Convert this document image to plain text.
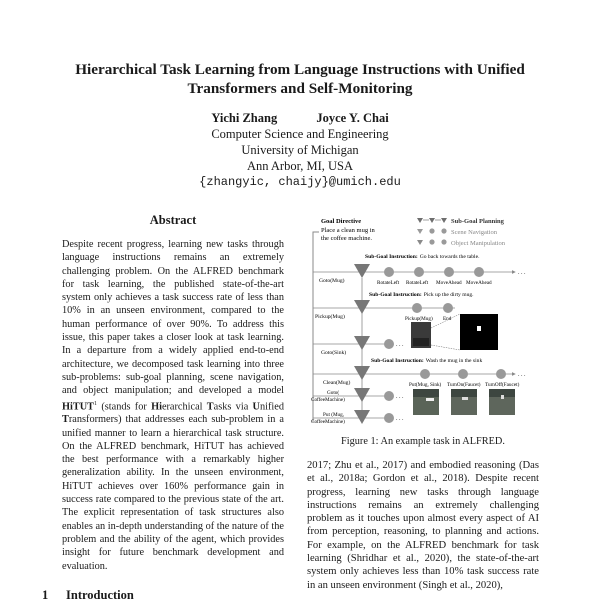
Hierarchical Task Learning from Language Instructions with Unified
Transformers and Self-Monitoring
Yichi Zhang	Joyce Y. Chai
Computer Science and Engineering
University of Michigan
Ann Arbor, MI, USA
{zhangyic, chaijy}@umich.edu
Abstract
Despite recent progress, learning new tasks through language instructions remains an extremely challenging problem. On the ALFRED benchmark for task learning, the published state-of-the-art system only achieves a task success rate of less than 10% in an unseen environment, compared to the human performance of over 90%. To address this issue, this paper takes a closer look at task learning. In a departure from a widely applied end-to-end architecture, we decomposed task learning into three sub-problems: sub-goal planning, scene navigation, and object manipulation; and developed a model HiTUT$^1$ (stands for Hierarchical Tasks via Unified Transformers) that addresses each sub-problem in a unified manner to learn a hierarchical task structure. On the ALFRED benchmark, HiTUT has achieved the best performance with a remarkably higher generalization ability. In the unseen environment, HiTUT achieves over 160% performance gain in success rate compared to the previous state of the art. The explicit representation of task structures also enables an in-depth understanding of the nature of the problem and the ability of the agent, which provides insight for future benchmark development and evaluation.
1 Introduction
Goal Directive
Place a clean mug in
the coffee machine.
Sub-Goal Planning
Scene Navigation
Object Manipulation
Sub-Goal Instruction: Go back towards the table.
Goto(Mug)
. . .
RotateLeft RotateLeft MoveAhead MoveAhead
Sub-Goal Instruction: Pick up the dirty mug.
Pickup(Mug)	Pickup(Mug) End
Goto(Sink)
. . .
Sub-Goal Instruction: Wash the mug in the sink
Clean(Mug)
. . .
Put(Mug, Sink) TurnOn(Faucet) TurnOff(Faucet)
Goto(
CoffeeMachine)	. . .
Put (Mug,
CoffeeMachine)	. . .
Figure 1: An example task in ALFRED.
2017; Zhu et al., 2017) and embodied reasoning (Das et al., 2018a; Gordon et al., 2018). Despite recent progress, learning new tasks through language instructions remains an extremely challenging problem as it touches upon almost every aspect of AI from perception, reasoning, to planning and actions. For example, on the ALFRED benchmark for task learning (Shridhar et al., 2020), the state-of-the-art system only achieves less than 10% task success rate in an unseen environment (Singh et al., 2020),
